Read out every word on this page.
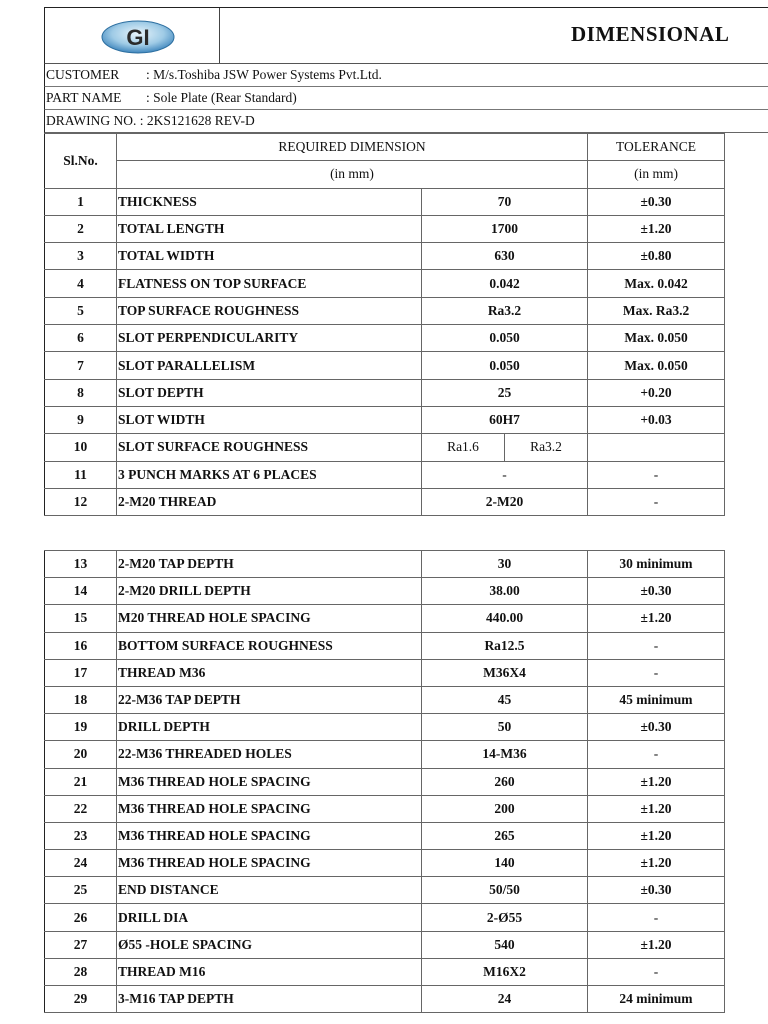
GI	DIMENSIONAL
CUSTOMER : M/s.Toshiba JSW Power Systems Pvt.Ltd.
PART NAME : Sole Plate (Rear Standard)
DRAWING NO. : 2KS121628 REV-D
Sl.No.	REQUIRED DIMENSION			TOLERANCE
	(in mm)			(in mm)
1	THICKNESS	70		±0.30
2	TOTAL LENGTH	1700		±1.20
3	TOTAL WIDTH	630		±0.80
4	FLATNESS ON TOP SURFACE	0.042		Max. 0.042
5	TOP SURFACE ROUGHNESS	Ra3.2		Max. Ra3.2
6	SLOT PERPENDICULARITY	0.050		Max. 0.050
7	SLOT PARALLELISM	0.050		Max. 0.050
8	SLOT DEPTH	25		+0.20
9	SLOT WIDTH	60H7		+0.03
10	SLOT SURFACE ROUGHNESS	Ra1.6	Ra3.2	
11	3 PUNCH MARKS AT 6 PLACES	-		-
12	2-M20 THREAD	2-M20		-
13	2-M20 TAP DEPTH	30	30 minimum
14	2-M20 DRILL DEPTH	38.00	±0.30
15	M20 THREAD HOLE SPACING	440.00	±1.20
16	BOTTOM SURFACE ROUGHNESS	Ra12.5	-
17	THREAD M36	M36X4	-
18	22-M36 TAP DEPTH	45	45 minimum
19	DRILL DEPTH	50	±0.30
20	22-M36 THREADED HOLES	14-M36	-
21	M36 THREAD HOLE SPACING	260	±1.20
22	M36 THREAD HOLE SPACING	200	±1.20
23	M36 THREAD HOLE SPACING	265	±1.20
24	M36 THREAD HOLE SPACING	140	±1.20
25	END DISTANCE	50/50	±0.30
26	DRILL DIA	2-Ø55	-
27	Ø55 -HOLE SPACING	540	±1.20
28	THREAD M16	M16X2	-
29	3-M16 TAP DEPTH	24	24 minimum
